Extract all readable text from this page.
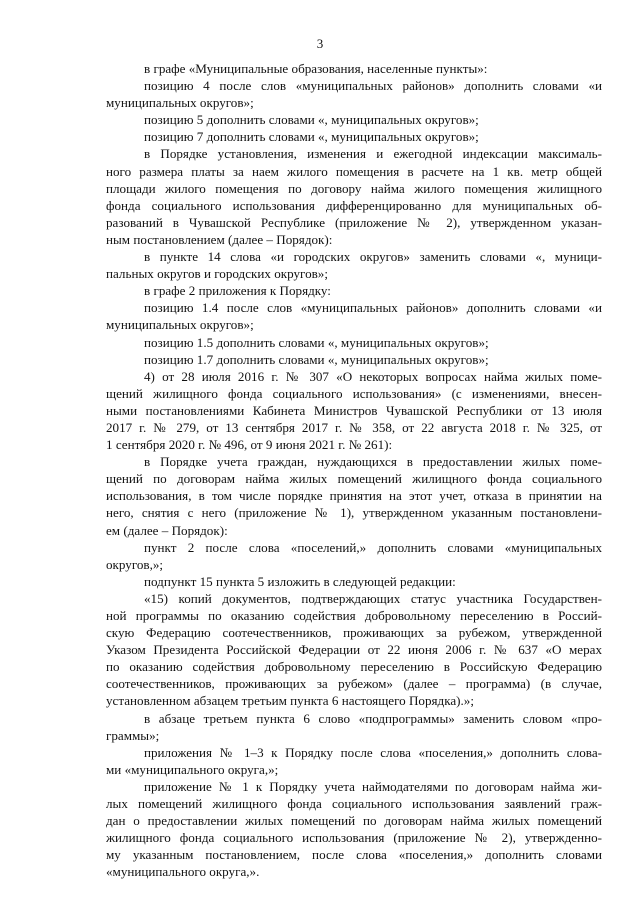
3
в графе «Муниципальные образования, населенные пункты»:
позицию 4 после слов «муниципальных районов» дополнить словами «и
муниципальных округов»;
позицию 5 дополнить словами «, муниципальных округов»;
позицию 7 дополнить словами «, муниципальных округов»;
в Порядке установления, изменения и ежегодной индексации максималь-
ного размера платы за наем жилого помещения в расчете на 1 кв. метр общей
площади жилого помещения по договору найма жилого помещения жилищного
фонда социального использования дифференцированно для муниципальных об-
разований в Чувашской Республике (приложение № 2), утвержденном указан-
ным постановлением (далее – Порядок):
в пункте 14 слова «и городских округов» заменить словами «, муници-
пальных округов и городских округов»;
в графе 2 приложения к Порядку:
позицию 1.4 после слов «муниципальных районов» дополнить словами «и
муниципальных округов»;
позицию 1.5 дополнить словами «, муниципальных округов»;
позицию 1.7 дополнить словами «, муниципальных округов»;
4) от 28 июля 2016 г. № 307 «О некоторых вопросах найма жилых поме-
щений жилищного фонда социального использования» (с изменениями, внесен-
ными постановлениями Кабинета Министров Чувашской Республики от 13 июля
2017 г. № 279, от 13 сентября 2017 г. № 358, от 22 августа 2018 г. № 325, от
1 сентября 2020 г. № 496, от 9 июня 2021 г. № 261):
в Порядке учета граждан, нуждающихся в предоставлении жилых поме-
щений по договорам найма жилых помещений жилищного фонда социального
использования, в том числе порядке принятия на этот учет, отказа в принятии на
него, снятия с него (приложение № 1), утвержденном указанным постановлени-
ем (далее – Порядок):
пункт 2 после слова «поселений,» дополнить словами «муниципальных
округов,»;
подпункт 15 пункта 5 изложить в следующей редакции:
«15) копий документов, подтверждающих статус участника Государствен-
ной программы по оказанию содействия добровольному переселению в Россий-
скую Федерацию соотечественников, проживающих за рубежом, утвержденной
Указом Президента Российской Федерации от 22 июня 2006 г. № 637 «О мерах
по оказанию содействия добровольному переселению в Российскую Федерацию
соотечественников, проживающих за рубежом» (далее – программа) (в случае,
установленном абзацем третьим пункта 6 настоящего Порядка).»;
в абзаце третьем пункта 6 слово «подпрограммы» заменить словом «про-
граммы»;
приложения № 1–3 к Порядку после слова «поселения,» дополнить слова-
ми «муниципального округа,»;
приложение № 1 к Порядку учета наймодателями по договорам найма жи-
лых помещений жилищного фонда социального использования заявлений граж-
дан о предоставлении жилых помещений по договорам найма жилых помещений
жилищного фонда социального использования (приложение № 2), утвержденно-
му указанным постановлением, после слова «поселения,» дополнить словами
«муниципального округа,».
